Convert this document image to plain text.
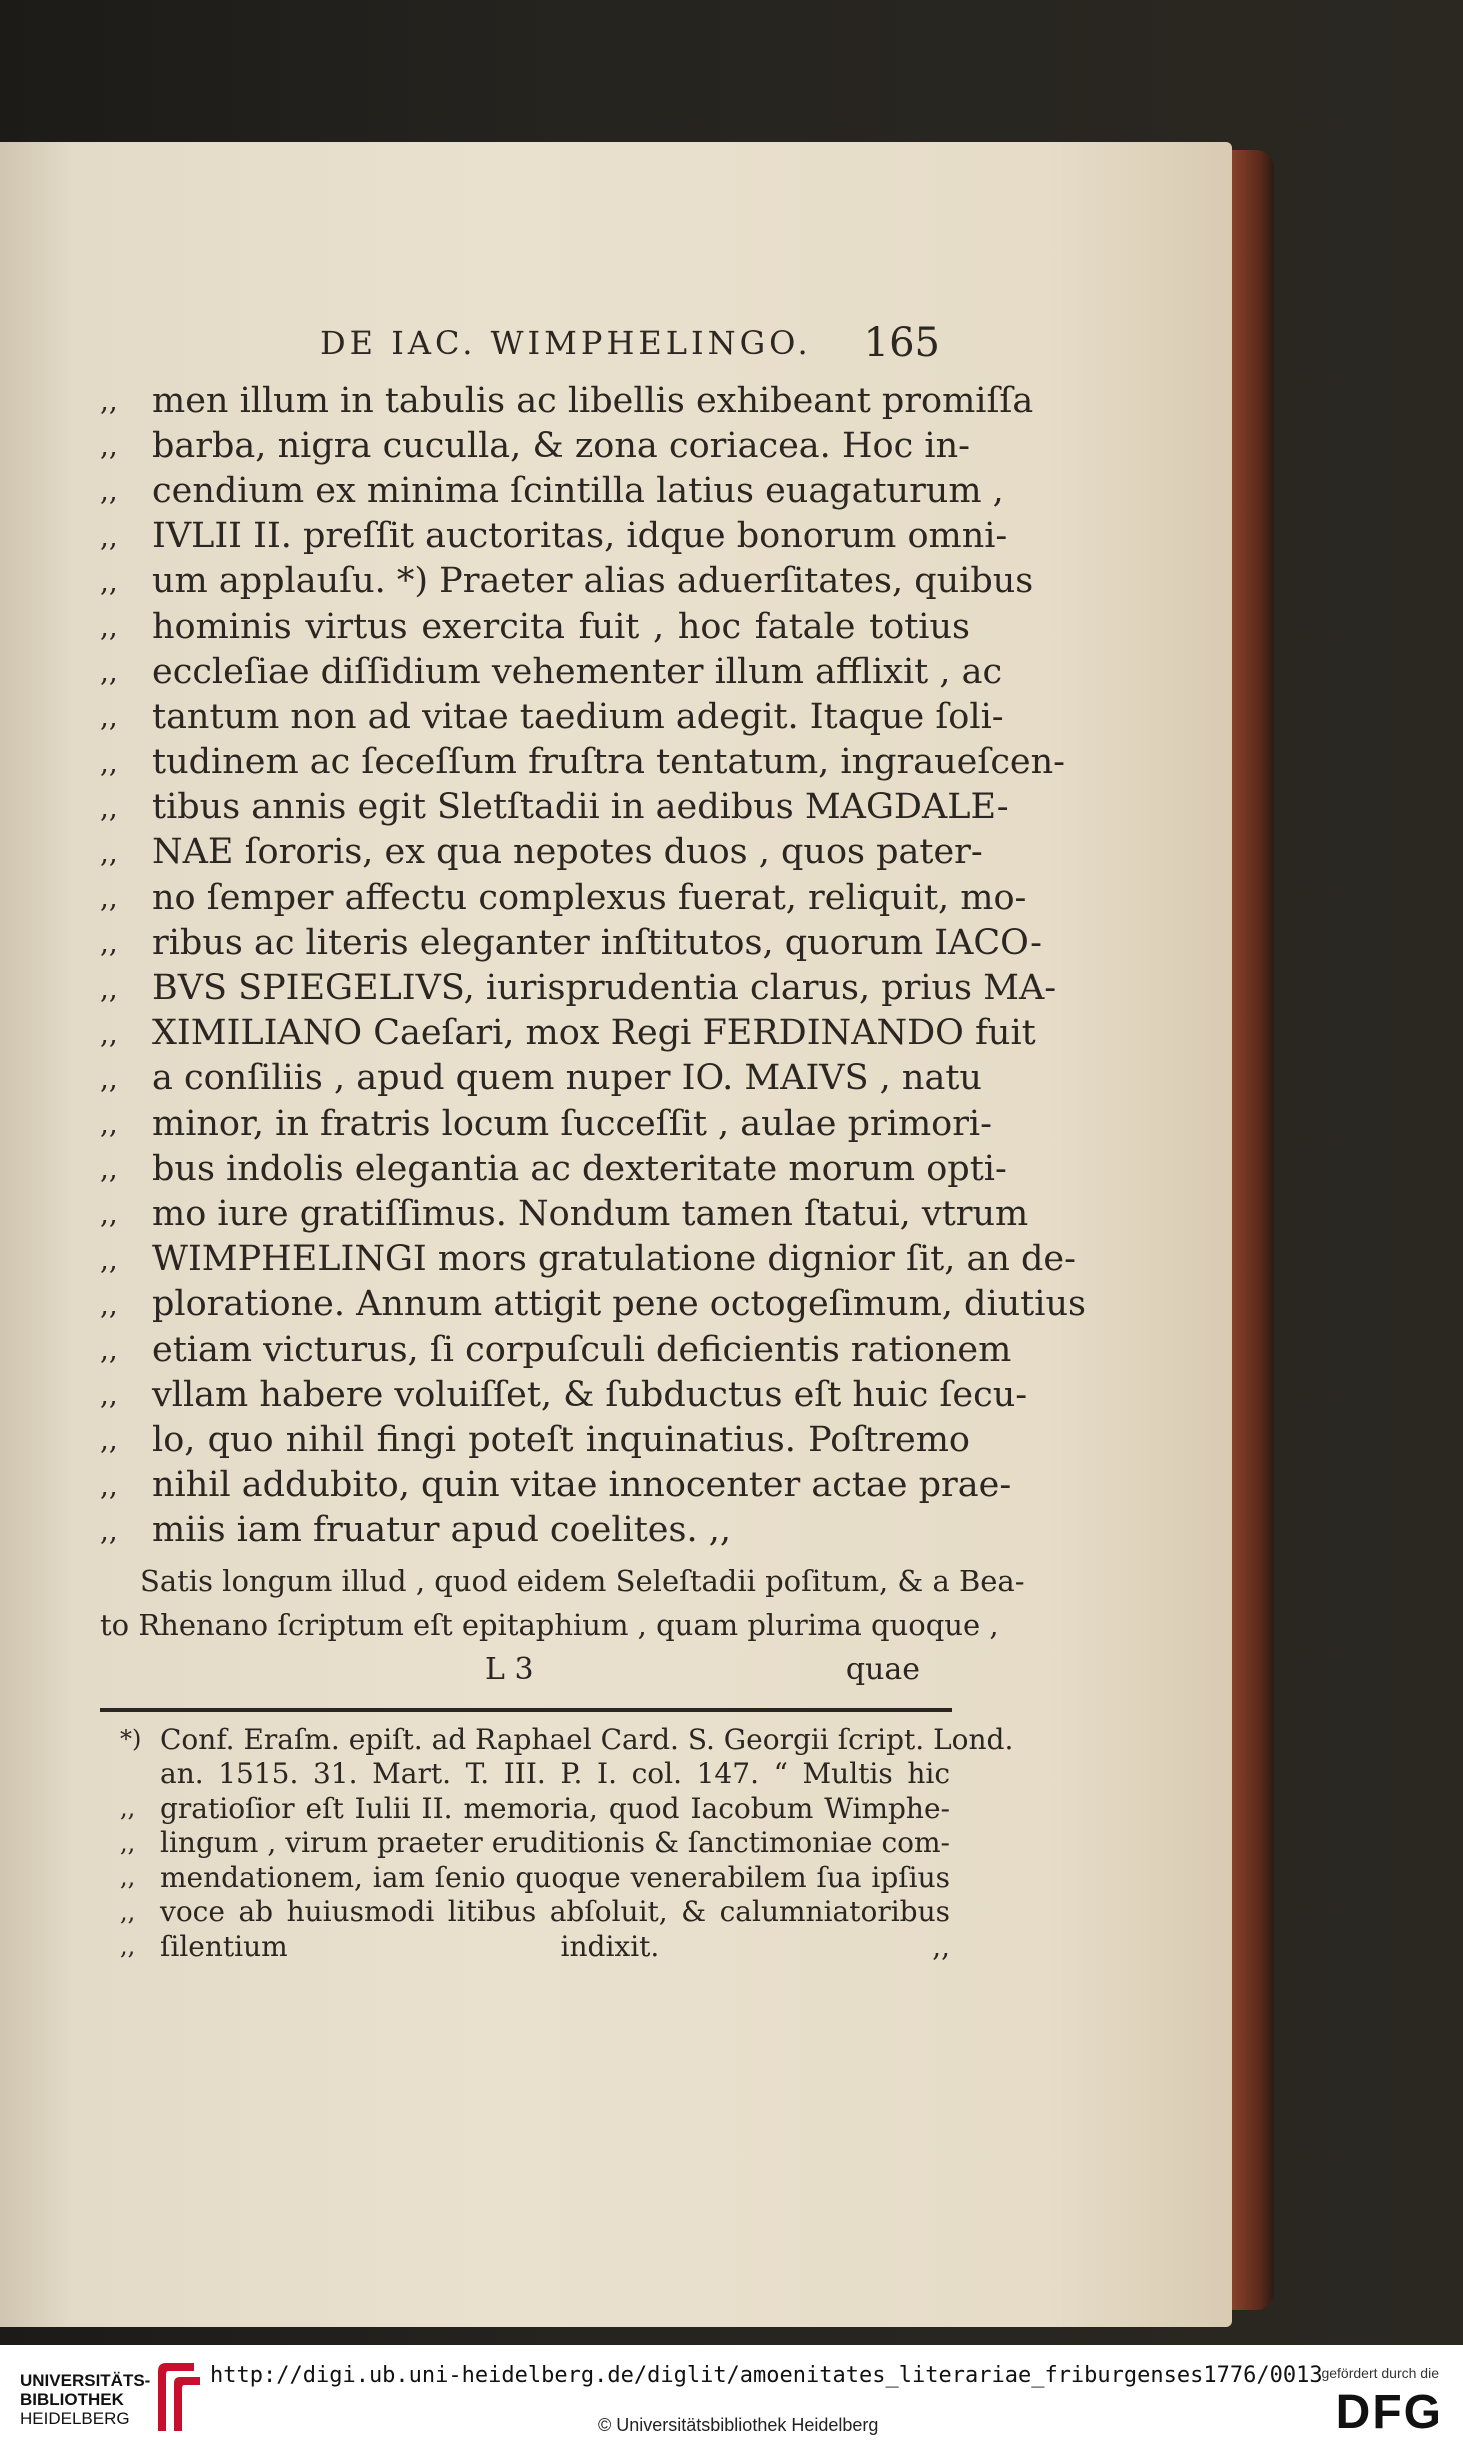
DE IAC. WIMPHELINGO. 165
,, men illum in tabulis ac libellis exhibeant promiſſa
,, barba, nigra cuculla, & zona coriacea. Hoc in-
,, cendium ex minima ſcintilla latius euagaturum ,
,, IVLII II. preſſit auctoritas, idque bonorum omni-
,, um applauſu. *) Praeter alias aduerſitates, quibus
,, hominis virtus exercita fuit , hoc fatale totius
,, eccleſiae diſſidium vehementer illum afflixit , ac
,, tantum non ad vitae taedium adegit. Itaque ſoli-
,, tudinem ac ſeceſſum fruſtra tentatum, ingraueſcen-
,, tibus annis egit Sletſtadii in aedibus MAGDALE-
,, NAE ſororis, ex qua nepotes duos , quos pater-
,, no ſemper affectu complexus fuerat, reliquit, mo-
,, ribus ac literis eleganter inſtitutos, quorum IACO-
,, BVS SPIEGELIVS, iurisprudentia clarus, prius MA-
,, XIMILIANO Caeſari, mox Regi FERDINANDO fuit
,, a conſiliis , apud quem nuper IO. MAIVS , natu
,, minor, in fratris locum ſucceſſit , aulae primori-
,, bus indolis elegantia ac dexteritate morum opti-
,, mo iure gratiſſimus. Nondum tamen ſtatui, vtrum
,, WIMPHELINGI mors gratulatione dignior ſit, an de-
,, ploratione. Annum attigit pene octogeſimum, diutius
,, etiam victurus, ſi corpuſculi deficientis rationem
,, vllam habere voluiſſet, & ſubductus eſt huic ſecu-
,, lo, quo nihil fingi poteſt inquinatius. Poſtremo
,, nihil addubito, quin vitae innocenter actae prae-
,, miis iam fruatur apud coelites. ,,
Satis longum illud , quod eidem Seleſtadii poſitum, & a Bea-
to Rhenano ſcriptum eſt epitaphium , quam plurima quoque ,
L 3	quae
*) Conf. Eraſm. epiſt. ad Raphael Card. S. Georgii ſcript. Lond.
an. 1515. 31. Mart. T. III. P. I. col. 147. “ Multis hic
,, gratioſior eſt Iulii II. memoria, quod Iacobum Wimphe-
,, lingum , virum praeter eruditionis & ſanctimoniae com-
,, mendationem, iam ſenio quoque venerabilem ſua ipſius
,, voce ab huiusmodi litibus abſoluit, & calumniatoribus
,, ſilentium indixit. ,,
UNIVERSITÄTS-
BIBLIOTHEK
HEIDELBERG
http://digi.ub.uni-heidelberg.de/diglit/amoenitates_literariae_friburgenses1776/0013
© Universitätsbibliothek Heidelberg
gefördert durch die
DFG
